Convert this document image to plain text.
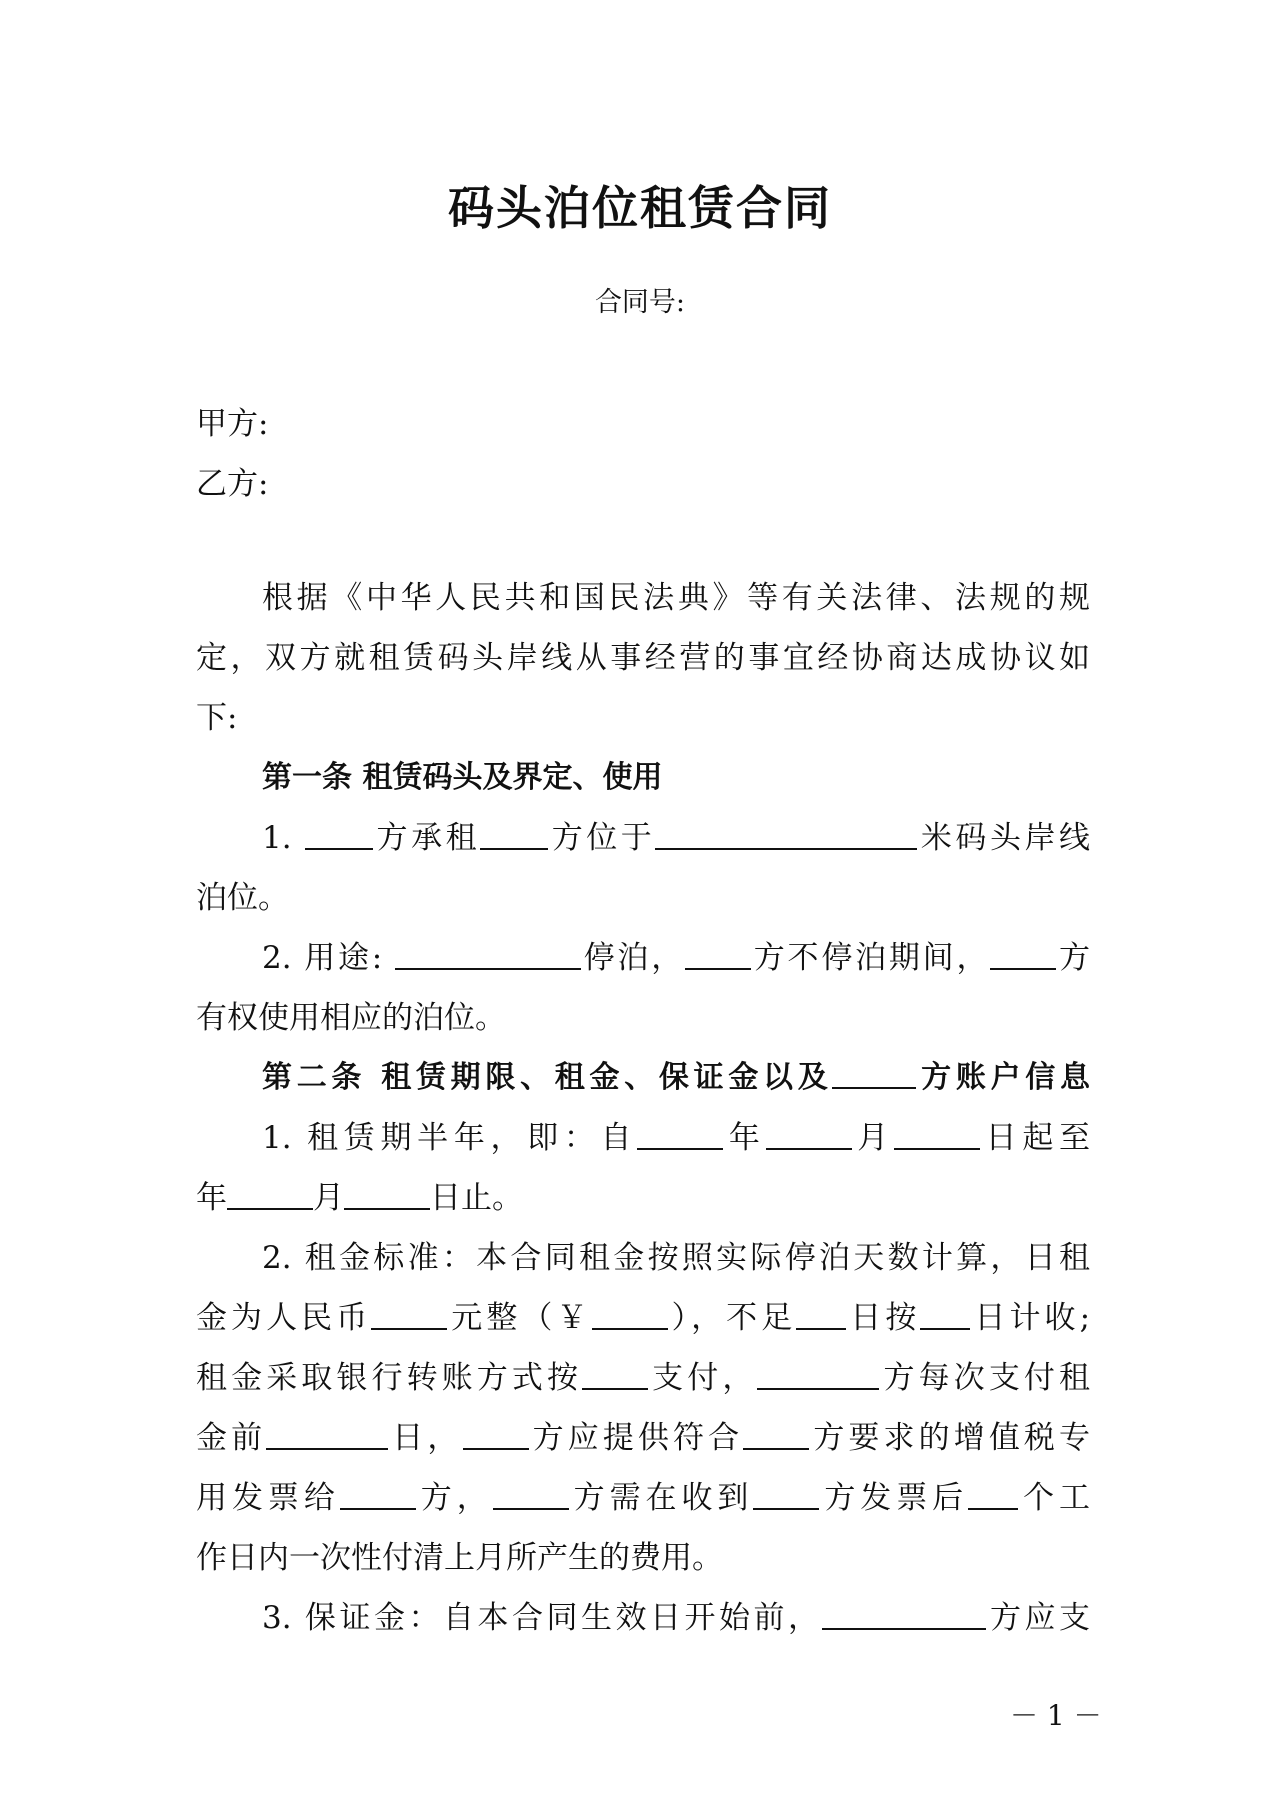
码头泊位租赁合同
合同号:
甲方:
乙方:
根据《中华人民共和国民法典》等有关法律、法规的规
定，双方就租赁码头岸线从事经营的事宜经协商达成协议如
下:
第一条 租赁码头及界定、使用
1.	方承租 方位于	米码头岸线
泊位。
2. 用途:	停泊， 方不停泊期间， 方
有权使用相应的泊位。
第二条 租赁期限、租金、保证金以及	方账户信息
1. 租赁期半年，即：自	年	月	日起至
年	月	日止。
2. 租金标准：本合同租金按照实际停泊天数计算，日租
金为人民币 元整（￥ ），不足 日按 日计收;
租金采取银行转账方式按 支付，	方每次支付租
金前	日， 方应提供符合 方要求的增值税专
用发票给 方， 方需在收到 方发票后 个工
作日内一次性付清上月所产生的费用。
3. 保证金：自本合同生效日开始前，	方应支
－ 1 －
